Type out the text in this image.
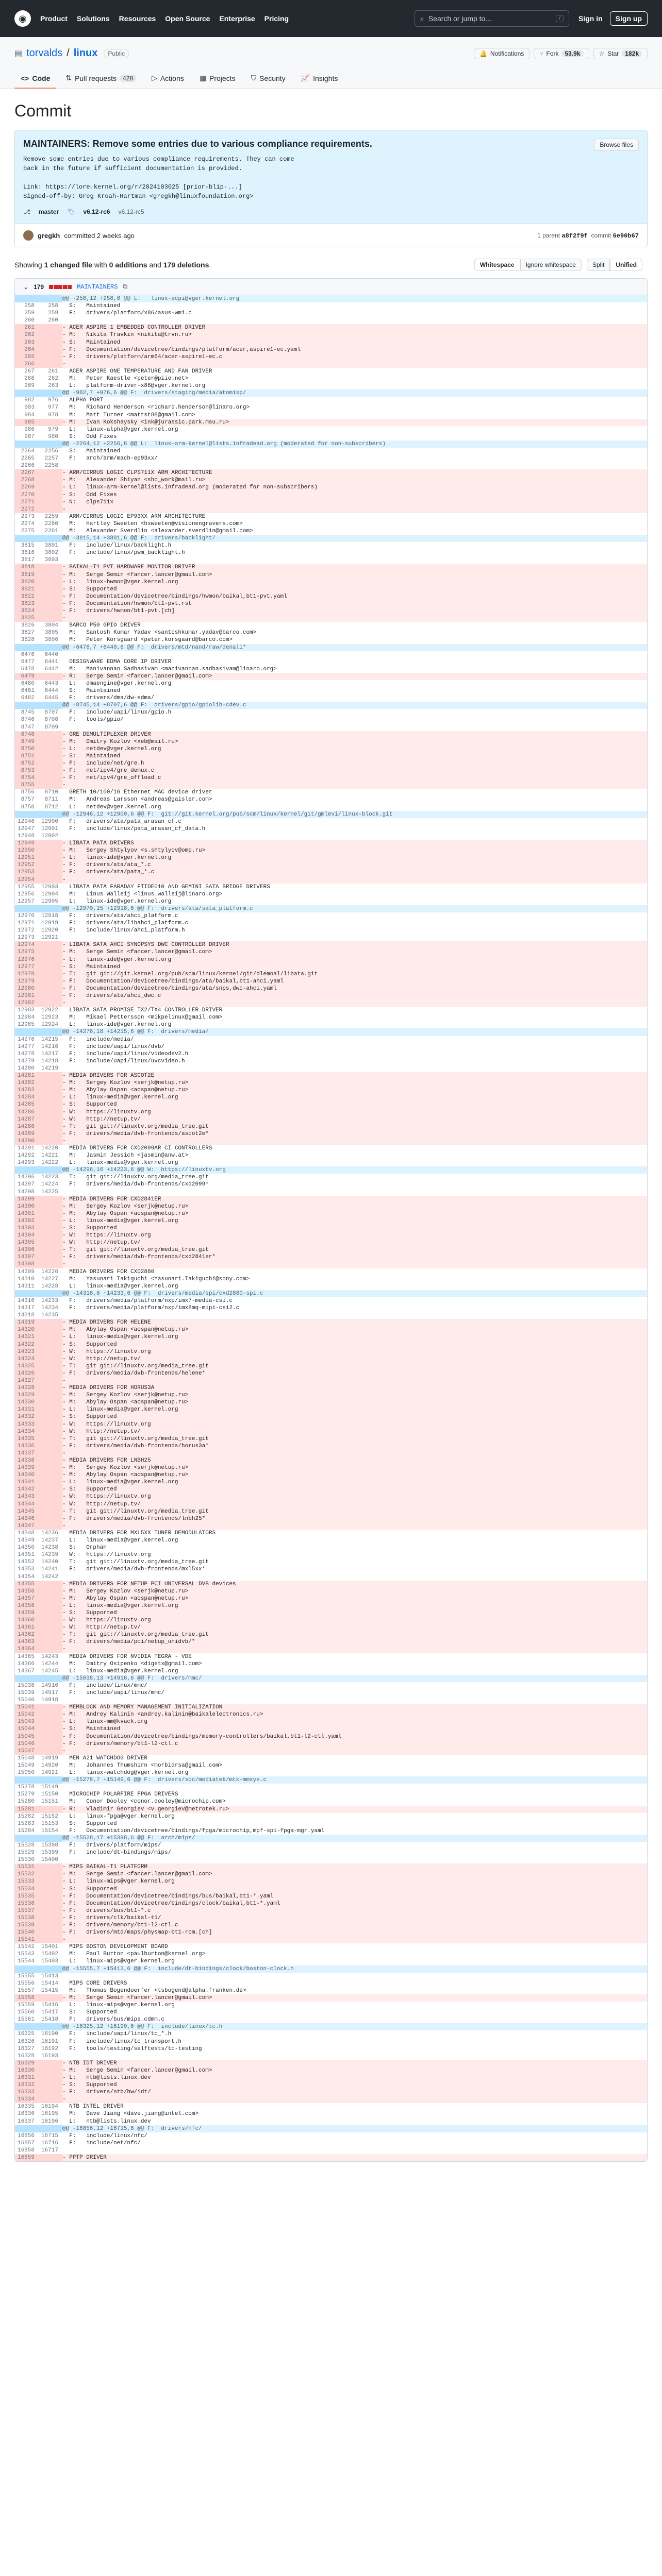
◉	Product Solutions Resources Open Source Enterprise Pricing	⌕ Search or jump to...	/	Sign in	Sign up
▤ torvalds / linux	Public	🔔 Notifications	⑂ Fork	53.9k	☆ Star	182k
<> Code ⇅ Pull requests	428	▷ Actions ▦ Projects ⛉ Security 📈 Insights
Commit
MAINTAINERS: Remove some entries due to various compliance requirements.	Browse files
Remove some entries due to various compliance requirements. They can come
back in the future if sufficient documentation is provided.

Link: https://lore.kernel.org/r/2024103025 [prior-blip-...]
Signed-off-by: Greg Kroah-Hartman <gregkh@linuxfoundation.org>
⎇ master 🏷 v6.12-rc6 v6.12-rc5
gregkh committed 2 weeks ago	1 parent a8f2f9f commit 6e90b67
Showing 1 changed file with 0 additions and 179 deletions.	Whitespace	Ignore whitespace	Split	Unified
⌄ 179	MAINTAINERS ⧉
@@ -258,12 +258,6 @@ L:   linux-acpi@vger.kernel.org
258	258 S:   Maintained
259	259 F:   drivers/platform/x86/asus-wmi.c
260	260
261	- ACER ASPIRE 1 EMBEDDED CONTROLLER DRIVER
262	- M:   Nikita Travkin <nikita@trvn.ru>
263	- S:   Maintained
264	- F:   Documentation/devicetree/bindings/platform/acer,aspire1-ec.yaml
265	- F:   drivers/platform/arm64/acer-aspire1-ec.c
266	-
267	261 ACER ASPIRE ONE TEMPERATURE AND FAN DRIVER
268	262 M:   Peter Kaestle <peter@piie.net>
269	263 L:   platform-driver-x86@vger.kernel.org
@@ -982,7 +976,6 @@ F:  drivers/staging/media/atomisp/
982	976 ALPHA PORT
983	977 M:   Richard Henderson <richard.henderson@linaro.org>
984	978 M:   Matt Turner <mattst88@gmail.com>
985	- M:   Ivan Kokshaysky <ink@jurassic.park.msu.ru>
986	979 L:   linux-alpha@vger.kernel.org
987	980 S:   Odd Fixes
@@ -2264,12 +2256,6 @@ L:  linux-arm-kernel@lists.infradead.org (moderated for non-subscribers)
2264	2256 S:   Maintained
2265	2257 F:   arch/arm/mach-ep93xx/
2266	2258
2267	- ARM/CIRRUS LOGIC CLPS711X ARM ARCHITECTURE
2268	- M:   Alexander Shiyan <shc_work@mail.ru>
2269	- L:   linux-arm-kernel@lists.infradead.org (moderated for non-subscribers)
2270	- S:   Odd Fixes
2271	- N:   clps711x
2272	-
2273	2259 ARM/CIRRUS LOGIC EP93XX ARM ARCHITECTURE
2274	2260 M:   Hartley Sweeten <hsweeten@visionengravers.com>
2275	2261 M:   Alexander Sverdlin <alexander.sverdlin@gmail.com>
@@ -3815,14 +3801,6 @@ F:  drivers/backlight/
3815	3801 F:   include/linux/backlight.h
3816	3802 F:   include/linux/pwm_backlight.h
3817	3803
3818	- BAIKAL-T1 PVT HARDWARE MONITOR DRIVER
3819	- M:   Serge Semin <fancer.lancer@gmail.com>
3820	- L:   linux-hwmon@vger.kernel.org
3821	- S:   Supported
3822	- F:   Documentation/devicetree/bindings/hwmon/baikal,bt1-pvt.yaml
3823	- F:   Documentation/hwmon/bt1-pvt.rst
3824	- F:   drivers/hwmon/bt1-pvt.[ch]
3825	-
3826	3804 BARCO P50 GPIO DRIVER
3827	3805 M:   Santosh Kumar Yadav <santoshkumar.yadav@barco.com>
3828	3806 M:   Peter Korsgaard <peter.korsgaard@barco.com>
@@ -6476,7 +6440,6 @@ F:  drivers/mtd/nand/raw/denali*
6476	6440
6477	6441 DESIGNWARE EDMA CORE IP DRIVER
6478	6442 M:   Manivannan Sadhasivam <manivannan.sadhasivam@linaro.org>
6479	- R:   Serge Semin <fancer.lancer@gmail.com>
6480	6443 L:   dmaengine@vger.kernel.org
6481	6444 S:   Maintained
6482	6445 F:   drivers/dma/dw-edma/
@@ -8745,14 +8707,6 @@ F:  drivers/gpio/gpiolib-cdev.c
8745	8707 F:   include/uapi/linux/gpio.h
8746	8708 F:   tools/gpio/
8747	8709
8748	- GRE DEMULTIPLEXER DRIVER
8749	- M:   Dmitry Kozlov <xeb@mail.ru>
8750	- L:   netdev@vger.kernel.org
8751	- S:   Maintained
8752	- F:   include/net/gre.h
8753	- F:   net/ipv4/gre_demux.c
8754	- F:   net/ipv4/gre_offload.c
8755	-
8756	8710 GRETH 10/100/1G Ethernet MAC device driver
8757	8711 M:   Andreas Larsson <andreas@gaisler.com>
8758	8712 L:   netdev@vger.kernel.org
@@ -12946,12 +12900,6 @@ F:  git://git.kernel.org/pub/scm/linux/kernel/git/gmlevi/linux-block.git
12946	12900 F:   drivers/ata/pata_arasan_cf.c
12947	12901 F:   include/linux/pata_arasan_cf_data.h
12948	12902
12949	- LIBATA PATA DRIVERS
12950	- M:   Sergey Shtylyov <s.shtylyov@omp.ru>
12951	- L:   linux-ide@vger.kernel.org
12952	- F:   drivers/ata/ata_*.c
12953	- F:   drivers/ata/pata_*.c
12954	-
12955	12903 LIBATA PATA FARADAY FTIDE010 AND GEMINI SATA BRIDGE DRIVERS
12956	12904 M:   Linus Walleij <linus.walleij@linaro.org>
12957	12905 L:   linux-ide@vger.kernel.org
@@ -12970,15 +12918,6 @@ F:  drivers/ata/sata_platform.c
12970	12918 F:   drivers/ata/ahci_platform.c
12971	12919 F:   drivers/ata/libahci_platform.c
12972	12920 F:   include/linux/ahci_platform.h
12973	12921
12974	- LIBATA SATA AHCI SYNOPSYS DWC CONTROLLER DRIVER
12975	- M:   Serge Semin <fancer.lancer@gmail.com>
12976	- L:   linux-ide@vger.kernel.org
12977	- S:   Maintained
12978	- T:   git git://git.kernel.org/pub/scm/linux/kernel/git/dlemoal/libata.git
12979	- F:   Documentation/devicetree/bindings/ata/baikal,bt1-ahci.yaml
12980	- F:   Documentation/devicetree/bindings/ata/snps,dwc-ahci.yaml
12981	- F:   drivers/ata/ahci_dwc.c
12982	-
12983	12922 LIBATA SATA PROMISE TX2/TX4 CONTROLLER DRIVER
12984	12923 M:   Mikael Pettersson <mikpelinux@gmail.com>
12985	12924 L:   linux-ide@vger.kernel.org
@@ -14276,18 +14215,6 @@ F:  drivers/media/
14276	14215 F:   include/media/
14277	14216 F:   include/uapi/linux/dvb/
14278	14217 F:   include/uapi/linux/videodev2.h
14279	14218 F:   include/uapi/linux/uvcvideo.h
14280	14219
14281	- MEDIA DRIVERS FOR ASCOT2E
14282	- M:   Sergey Kozlov <serjk@netup.ru>
14283	- M:   Abylay Ospan <aospan@netup.ru>
14284	- L:   linux-media@vger.kernel.org
14285	- S:   Supported
14286	- W:   https://linuxtv.org
14287	- W:   http://netup.tv/
14288	- T:   git git://linuxtv.org/media_tree.git
14289	- F:   drivers/media/dvb-frontends/ascot2e*
14290	-
14291	14220 MEDIA DRIVERS FOR CXD2099AR CI CONTROLLERS
14292	14221 M:   Jasmin Jessich <jasmin@anw.at>
14293	14222 L:   linux-media@vger.kernel.org
@@ -14296,16 +14223,6 @@ W:  https://linuxtv.org
14296	14223 T:   git git://linuxtv.org/media_tree.git
14297	14224 F:   drivers/media/dvb-frontends/cxd2099*
14298	14225
14299	- MEDIA DRIVERS FOR CXD2841ER
14300	- M:   Sergey Kozlov <serjk@netup.ru>
14301	- M:   Abylay Ospan <aospan@netup.ru>
14302	- L:   linux-media@vger.kernel.org
14303	- S:   Supported
14304	- W:   https://linuxtv.org
14305	- W:   http://netup.tv/
14306	- T:   git git://linuxtv.org/media_tree.git
14307	- F:   drivers/media/dvb-frontends/cxd2841er*
14308	-
14309	14226 MEDIA DRIVERS FOR CXD2880
14310	14227 M:   Yasunari Takiguchi <Yasunari.Takiguchi@sony.com>
14311	14228 L:   linux-media@vger.kernel.org
@@ -14316,6 +14233,6 @@ F:  drivers/media/spi/cxd2880-spi.c
14316	14233 F:   drivers/media/platform/nxp/imx7-media-csi.c
14317	14234 F:   drivers/media/platform/nxp/imx8mq-mipi-csi2.c
14318	14235
14319	- MEDIA DRIVERS FOR HELENE
14320	- M:   Abylay Ospan <aospan@netup.ru>
14321	- L:   linux-media@vger.kernel.org
14322	- S:   Supported
14323	- W:   https://linuxtv.org
14324	- W:   http://netup.tv/
14325	- T:   git git://linuxtv.org/media_tree.git
14326	- F:   drivers/media/dvb-frontends/helene*
14327	-
14328	- MEDIA DRIVERS FOR HORUS3A
14329	- M:   Sergey Kozlov <serjk@netup.ru>
14330	- M:   Abylay Ospan <aospan@netup.ru>
14331	- L:   linux-media@vger.kernel.org
14332	- S:   Supported
14333	- W:   https://linuxtv.org
14334	- W:   http://netup.tv/
14335	- T:   git git://linuxtv.org/media_tree.git
14336	- F:   drivers/media/dvb-frontends/horus3a*
14337	-
14338	- MEDIA DRIVERS FOR LNBH25
14339	- M:   Sergey Kozlov <serjk@netup.ru>
14340	- M:   Abylay Ospan <aospan@netup.ru>
14341	- L:   linux-media@vger.kernel.org
14342	- S:   Supported
14343	- W:   https://linuxtv.org
14344	- W:   http://netup.tv/
14345	- T:   git git://linuxtv.org/media_tree.git
14346	- F:   drivers/media/dvb-frontends/lnbh25*
14347	-
14348	14236 MEDIA DRIVERS FOR MXL5XX TUNER DEMODULATORS
14349	14237 L:   linux-media@vger.kernel.org
14350	14238 S:   Orphan
14351	14239 W:   https://linuxtv.org
14352	14240 T:   git git://linuxtv.org/media_tree.git
14353	14241 F:   drivers/media/dvb-frontends/mxl5xx*
14354	14242
14355	- MEDIA DRIVERS FOR NETUP PCI UNIVERSAL DVB devices
14356	- M:   Sergey Kozlov <serjk@netup.ru>
14357	- M:   Abylay Ospan <aospan@netup.ru>
14358	- L:   linux-media@vger.kernel.org
14359	- S:   Supported
14360	- W:   https://linuxtv.org
14361	- W:   http://netup.tv/
14362	- T:   git git://linuxtv.org/media_tree.git
14363	- F:   drivers/media/pci/netup_unidvb/*
14364	-
14365	14243 MEDIA DRIVERS FOR NVIDIA TEGRA - VDE
14366	14244 M:   Dmitry Osipenko <digetx@gmail.com>
14367	14245 L:   linux-media@vger.kernel.org
@@ -15038,13 +14916,6 @@ F:  drivers/mmc/
15038	14916 F:   include/linux/mmc/
15039	14917 F:   include/uapi/linux/mmc/
15040	14918
15041	- MEMBLOCK AND MEMORY MANAGEMENT INITIALIZATION
15042	- M:   Andrey Kalinin <andrey.kalinin@baikalelectronics.ru>
15043	- L:   linux-mm@kvack.org
15044	- S:   Maintained
15045	- F:   Documentation/devicetree/bindings/memory-controllers/baikal,bt1-l2-ctl.yaml
15046	- F:   drivers/memory/bt1-l2-ctl.c
15047	-
15048	14919 MEN A21 WATCHDOG DRIVER
15049	14920 M:   Johannes Thumshirn <morbidrsa@gmail.com>
15050	14921 L:   linux-watchdog@vger.kernel.org
@@ -15278,7 +15149,6 @@ F:  drivers/soc/mediatek/mtk-mmsys.c
15278	15149
15279	15150 MICROCHIP POLARFIRE FPGA DRIVERS
15280	15151 M:   Conor Dooley <conor.dooley@microchip.com>
15281	- R:   Vladimir Georgiev <v.georgiev@metrotek.ru>
15282	15152 L:   linux-fpga@vger.kernel.org
15283	15153 S:   Supported
15284	15154 F:   Documentation/devicetree/bindings/fpga/microchip,mpf-spi-fpga-mgr.yaml
@@ -15528,17 +15398,6 @@ F:  arch/mips/
15528	15398 F:   drivers/platform/mips/
15529	15399 F:   include/dt-bindings/mips/
15530	15400
15531	- MIPS BAIKAL-T1 PLATFORM
15532	- M:   Serge Semin <fancer.lancer@gmail.com>
15533	- L:   linux-mips@vger.kernel.org
15534	- S:   Supported
15535	- F:   Documentation/devicetree/bindings/bus/baikal,bt1-*.yaml
15536	- F:   Documentation/devicetree/bindings/clock/baikal,bt1-*.yaml
15537	- F:   drivers/bus/bt1-*.c
15538	- F:   drivers/clk/baikal-t1/
15539	- F:   drivers/memory/bt1-l2-ctl.c
15540	- F:   drivers/mtd/maps/physmap-bt1-rom.[ch]
15541	-
15542	15401 MIPS BOSTON DEVELOPMENT BOARD
15543	15402 M:   Paul Burton <paulburton@kernel.org>
15544	15403 L:   linux-mips@vger.kernel.org
@@ -15555,7 +15413,6 @@ F:  include/dt-bindings/clock/boston-clock.h
15555	15413
15556	15414 MIPS CORE DRIVERS
15557	15415 M:   Thomas Bogendoerfer <tsbogend@alpha.franken.de>
15558	- M:   Serge Semin <fancer.lancer@gmail.com>
15559	15416 L:   linux-mips@vger.kernel.org
15560	15417 S:   Supported
15561	15418 F:   drivers/bus/mips_cdmm.c
@@ -16325,12 +16190,6 @@ F:  include/linux/tc.h
16325	16190 F:   include/uapi/linux/tc_*.h
16326	16191 F:   include/linux/tc_transport.h
16327	16192 F:   tools/testing/selftests/tc-testing
16328	16193
16329	- NTB IDT DRIVER
16330	- M:   Serge Semin <fancer.lancer@gmail.com>
16331	- L:   ntb@lists.linux.dev
16332	- S:   Supported
16333	- F:   drivers/ntb/hw/idt/
16334	-
16335	16194 NTB INTEL DRIVER
16336	16195 M:   Dave Jiang <dave.jiang@intel.com>
16337	16196 L:   ntb@lists.linux.dev
@@ -16856,12 +16715,6 @@ F:  drivers/nfc/
16856	16715 F:   include/linux/nfc/
16857	16716 F:   include/net/nfc/
16858	16717
16859	- PPTP DRIVER
